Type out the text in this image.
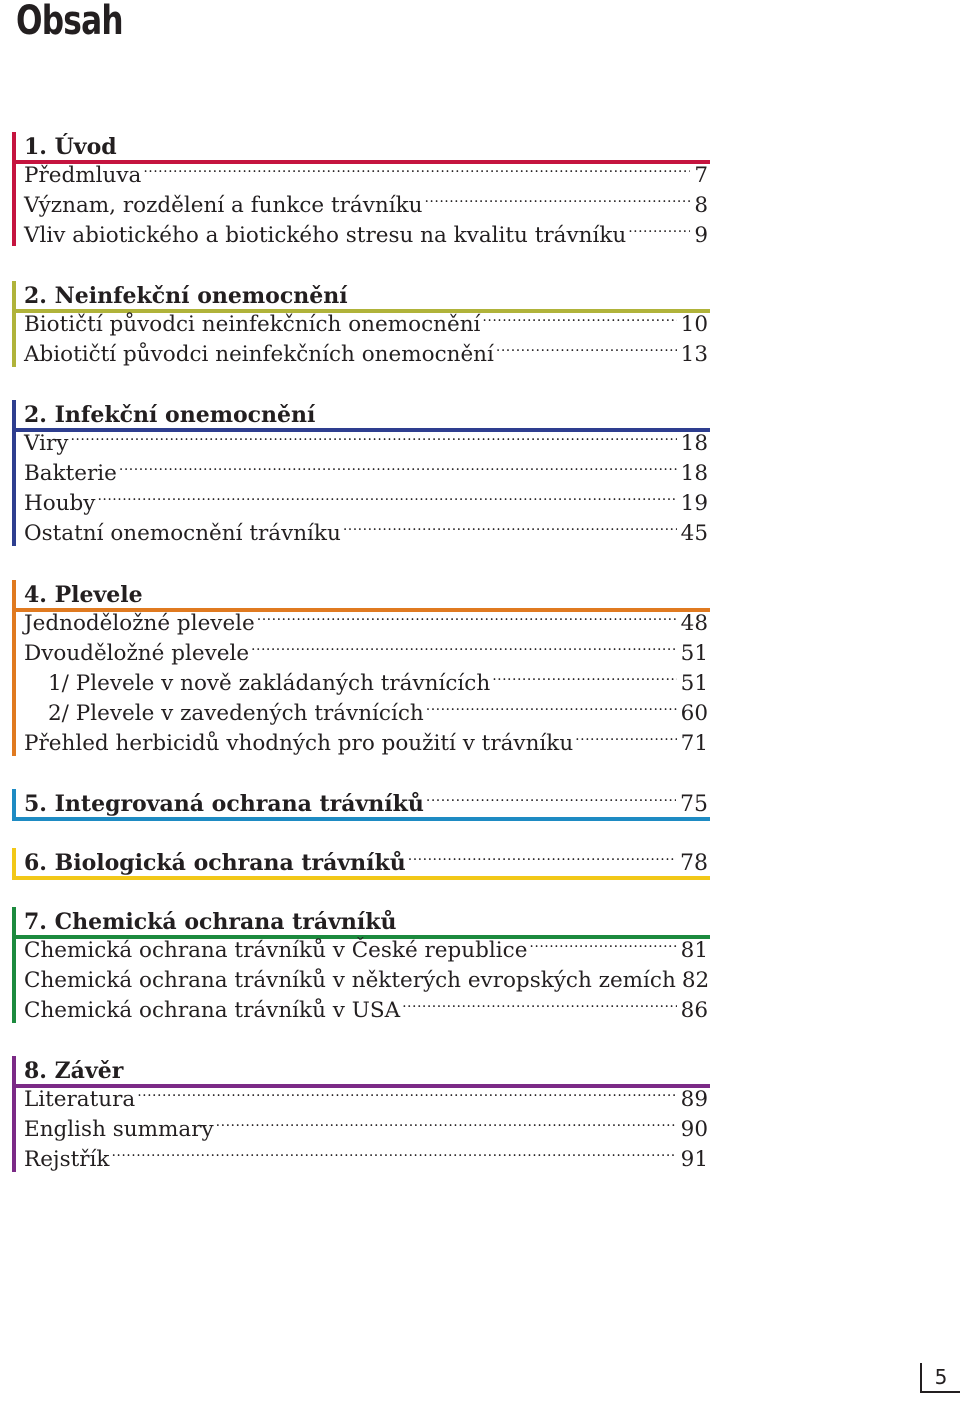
Obsah
1. Úvod
Předmluva .....	7
Význam, rozdělení a funkce trávníku .....	8
Vliv abiotického a biotického stresu na kvalitu trávníku .....	9
2. Neinfekční onemocnění
Biotičtí původci neinfekčních onemocnění .....	10
Abiotičtí původci neinfekčních onemocnění .....	13
2. Infekční onemocnění
Viry .....	18
Bakterie .....	18
Houby .....	19
Ostatní onemocnění trávníku .....	45
4. Plevele
Jednoděložné plevele .....	48
Dvouděložné plevele .....	51
1/ Plevele v nově zakládaných trávnících .....	51
2/ Plevele v zavedených trávnících .....	60
Přehled herbicidů vhodných pro použití v trávníku .....	71
5. Integrovaná ochrana trávníků .....	75
6. Biologická ochrana trávníků .....	78
7. Chemická ochrana trávníků
Chemická ochrana trávníků v České republice .....	81
Chemická ochrana trávníků v některých evropských zemích 82
Chemická ochrana trávníků v USA .....	86
8. Závěr
Literatura .....	89
English summary .....	90
Rejstřík .....	91
5
